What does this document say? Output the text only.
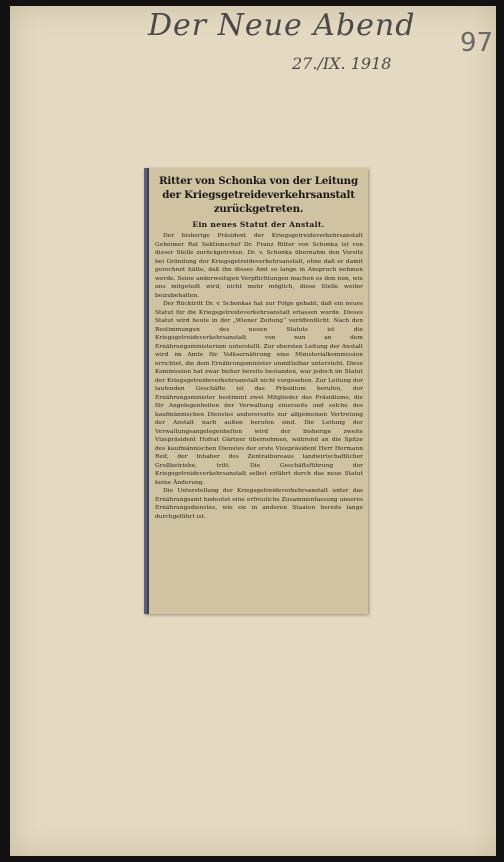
Der Neue Abend
27./IX. 1918
97
Ritter von Schonka von der Leitung der Kriegsgetreideverkehrsanstalt zurückgetreten.
Ein neues Statut der Anstalt.

Der bisherige Präsident der Kriegsgetreideverkehrsanstalt Geheimer Rat Sektionschef Dr. Franz Ritter von Schonka ist von dieser Stelle zurückgetreten. Dr. v. Schonka übernahm den Vorsitz bei Gründung der Kriegsgetreideverkehrsanstalt, ohne daß er damit gerechnet hätte, daß ihn dieses Amt so lange in Anspruch nehmen werde. Seine anderweitigen Verpflichtungen machen es ihm nun, wie uns mitgeteilt wird, nicht mehr möglich, diese Stelle weiter beizubehalten.

Der Rücktritt Dr. v. Schonkas hat zur Folge gehabt, daß ein neues Statut für die Kriegsgetreideverkehrsanstalt erlassen wurde. Dieses Statut wird heute in der „Wiener Zeitung“ veröffentlicht. Nach den Bestimmungen des neuen Statuts ist die Kriegsgetreideverkehrsanstalt von nun an dem Ernährungsministerium unterstellt. Zur obersten Leitung der Anstalt wird im Amte für Volksernährung eine Ministerialkommission errichtet, die dem Ernährungsminister unmittelbar untersteht. Diese Kommission hat zwar bisher bereits bestanden, war jedoch im Statut der Kriegsgetreideverkehrsanstalt nicht vorgesehen. Zur Leitung der laufenden Geschäfte ist das Präsidium berufen, der Ernährungsminister bestimmt zwei Mitglieder des Präsidiums, die für Angelegenheiten der Verwaltung einerseits und solche des kaufmännischen Dienstes andererseits zur allgemeinen Vertretung der Anstalt nach außen berufen sind. Die Leitung der Verwaltungsangelegenheiten wird der bisherige zweite Vizepräsident Hofrat Gärtner übernehmen, während an die Spitze des kaufmännischen Dienstes der erste Vizepräsident Herr Hermann Reif, der Inhaber des Zentralbureaus landwirtschaftlicher Großbetriebe, tritt. Die Geschäftsführung der Kriegsgetreideverkehrsanstalt selbst erfährt durch das neue Statut keine Änderung.

Die Unterstellung der Kriegsgetreideverkehrsanstalt unter das Ernährungsamt bedeutet eine erfreuliche Zusammenfassung unseres Ernährungsdienstes, wie sie in anderen Staaten bereits lange durchgeführt ist.
